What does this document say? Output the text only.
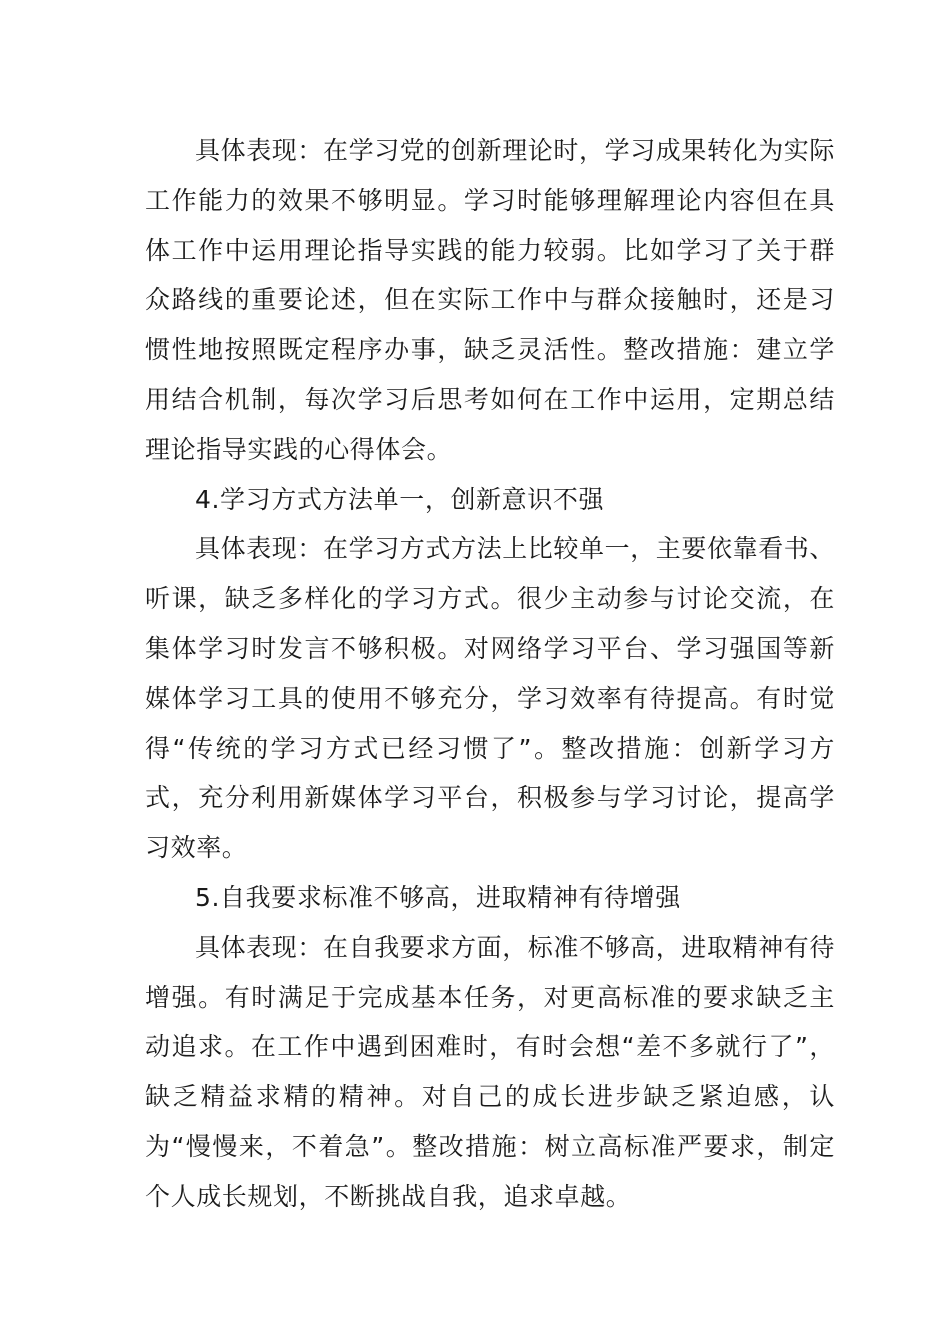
具体表现：在学习党的创新理论时，学习成果转化为实际工作能力的效果不够明显。学习时能够理解理论内容但在具体工作中运用理论指导实践的能力较弱。比如学习了关于群众路线的重要论述，但在实际工作中与群众接触时，还是习惯性地按照既定程序办事，缺乏灵活性。整改措施：建立学用结合机制，每次学习后思考如何在工作中运用，定期总结理论指导实践的心得体会。

4.学习方式方法单一，创新意识不强

具体表现：在学习方式方法上比较单一，主要依靠看书、听课，缺乏多样化的学习方式。很少主动参与讨论交流，在集体学习时发言不够积极。对网络学习平台、学习强国等新媒体学习工具的使用不够充分，学习效率有待提高。有时觉得“传统的学习方式已经习惯了”。整改措施：创新学习方式，充分利用新媒体学习平台，积极参与学习讨论，提高学习效率。

5.自我要求标准不够高，进取精神有待增强

具体表现：在自我要求方面，标准不够高，进取精神有待增强。有时满足于完成基本任务，对更高标准的要求缺乏主动追求。在工作中遇到困难时，有时会想“差不多就行了”，缺乏精益求精的精神。对自己的成长进步缺乏紧迫感，认为“慢慢来，不着急”。整改措施：树立高标准严要求，制定个人成长规划，不断挑战自我，追求卓越。
